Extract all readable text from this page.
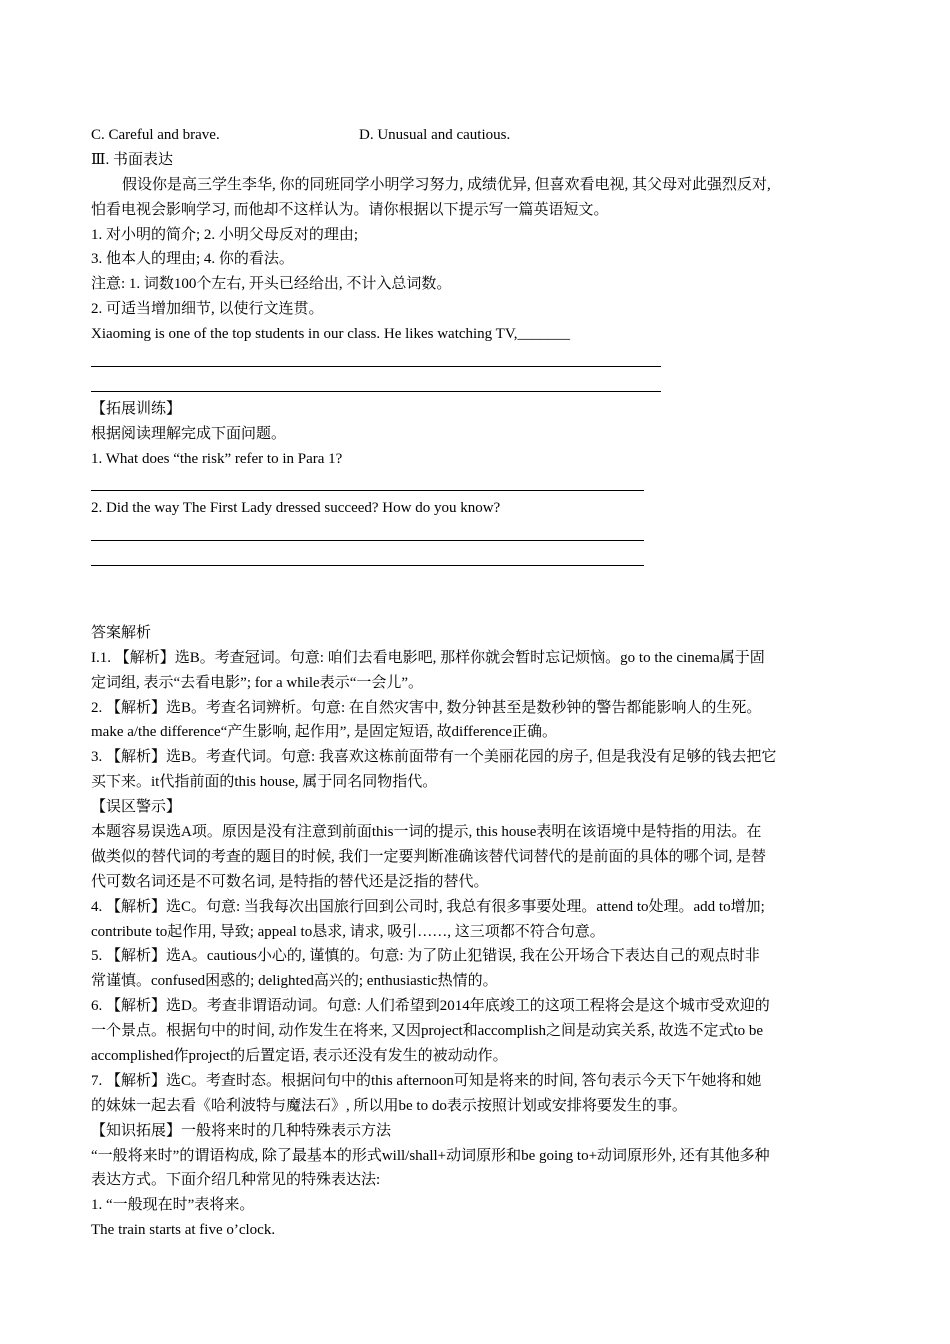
C. Careful and brave.	D. Unusual and cautious.
Ⅲ. 书面表达
假设你是高三学生李华, 你的同班同学小明学习努力, 成绩优异, 但喜欢看电视, 其父母对此强烈反对,
怕看电视会影响学习, 而他却不这样认为。请你根据以下提示写一篇英语短文。
1. 对小明的简介; 2. 小明父母反对的理由;
3. 他本人的理由; 4. 你的看法。
注意: 1. 词数100个左右, 开头已经给出, 不计入总词数。
2. 可适当增加细节, 以使行文连贯。
Xiaoming is one of the top students in our class. He likes watching TV,_______
【拓展训练】
根据阅读理解完成下面问题。
1. What does “the risk” refer to in Para 1?
2. Did the way The First Lady dressed succeed? How do you know?
答案解析
I.1. 【解析】选B。考查冠词。句意: 咱们去看电影吧, 那样你就会暂时忘记烦恼。go to the cinema属于固
定词组, 表示“去看电影”; for a while表示“一会儿”。
2. 【解析】选B。考查名词辨析。句意: 在自然灾害中, 数分钟甚至是数秒钟的警告都能影响人的生死。
make a/the difference“产生影响, 起作用”, 是固定短语, 故difference正确。
3. 【解析】选B。考查代词。句意: 我喜欢这栋前面带有一个美丽花园的房子, 但是我没有足够的钱去把它
买下来。it代指前面的this house, 属于同名同物指代。
【误区警示】
本题容易误选A项。原因是没有注意到前面this一词的提示, this house表明在该语境中是特指的用法。在
做类似的替代词的考查的题目的时候, 我们一定要判断准确该替代词替代的是前面的具体的哪个词, 是替
代可数名词还是不可数名词, 是特指的替代还是泛指的替代。
4. 【解析】选C。句意: 当我每次出国旅行回到公司时, 我总有很多事要处理。attend to处理。add to增加;
contribute to起作用, 导致; appeal to恳求, 请求, 吸引……, 这三项都不符合句意。
5. 【解析】选A。cautious小心的, 谨慎的。句意: 为了防止犯错误, 我在公开场合下表达自己的观点时非
常谨慎。confused困惑的; delighted高兴的; enthusiastic热情的。
6. 【解析】选D。考查非谓语动词。句意: 人们希望到2014年底竣工的这项工程将会是这个城市受欢迎的
一个景点。根据句中的时间, 动作发生在将来, 又因project和accomplish之间是动宾关系, 故选不定式to be
accomplished作project的后置定语, 表示还没有发生的被动动作。
7. 【解析】选C。考查时态。根据问句中的this afternoon可知是将来的时间, 答句表示今天下午她将和她
的妹妹一起去看《哈利波特与魔法石》, 所以用be to do表示按照计划或安排将要发生的事。
【知识拓展】一般将来时的几种特殊表示方法
“一般将来时”的谓语构成, 除了最基本的形式will/shall+动词原形和be going to+动词原形外, 还有其他多种
表达方式。下面介绍几种常见的特殊表达法:
1. “一般现在时”表将来。
The train starts at five o’clock.
